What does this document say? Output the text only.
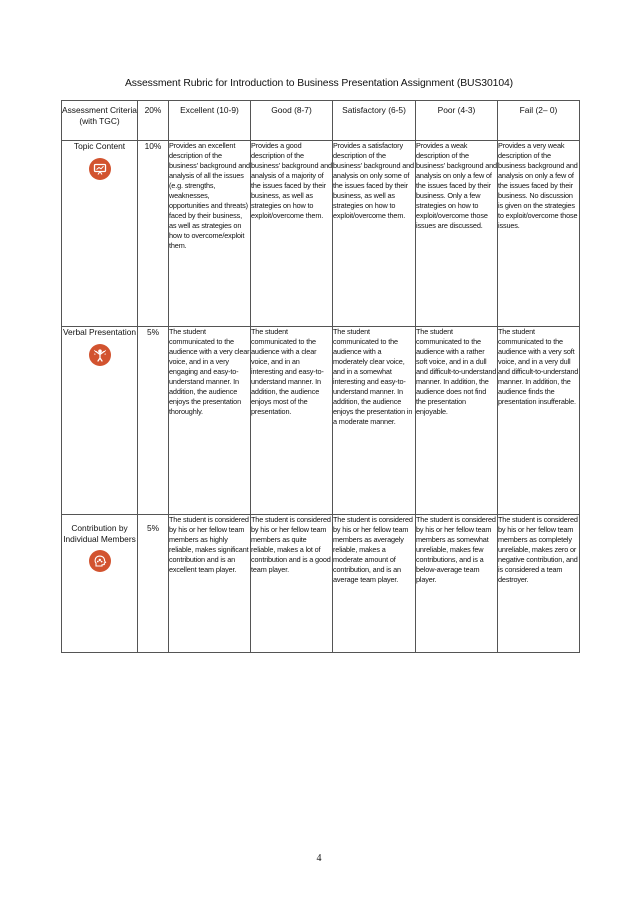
Assessment Rubric for Introduction to Business Presentation Assignment (BUS30104)
Assessment Criteria (with TGC)	20%	Excellent (10-9)	Good (8-7)	Satisfactory (6-5)	Poor (4-3)	Fail (2– 0)

Topic Content	10%	Provides an excellent description of the business' background and analysis of all the issues (e.g. strengths, weaknesses, opportunities and threats) faced by their business, as well as strategies on how to overcome/exploit them.	Provides a good description of the business' background and analysis of a majority of the issues faced by their business, as well as strategies on how to exploit/overcome them.	Provides a satisfactory description of the business' background and analysis on only some of the issues faced by their business, as well as strategies on how to exploit/overcome them.	Provides a weak description of the business' background and analysis on only a few of the issues faced by their business. Only a few strategies on how to exploit/overcome those issues are discussed.	Provides a very weak description of the business background and analysis on only a few of the issues faced by their business. No discussion is given on the strategies to exploit/overcome those issues.

Verbal Presentation	5%	The student communicated to the audience with a very clear voice, and in a very engaging and easy-to-understand manner. In addition, the audience enjoys the presentation thoroughly.	The student communicated to the audience with a clear voice, and in an interesting and easy-to-understand manner. In addition, the audience enjoys most of the presentation.	The student communicated to the audience with a moderately clear voice, and in a somewhat interesting and easy-to-understand manner. In addition, the audience enjoys the presentation in a moderate manner.	The student communicated to the audience with a rather soft voice, and in a dull and difficult-to-understand manner. In addition, the audience does not find the presentation enjoyable.	The student communicated to the audience with a very soft voice, and in a very dull and difficult-to-understand manner. In addition, the audience finds the presentation insufferable.

Contribution by Individual Members	5%	The student is considered by his or her fellow team members as highly reliable, makes significant contribution and is an excellent team player.	The student is considered by his or her fellow team members as quite reliable, makes a lot of contribution and is a good team player.	The student is considered by his or her fellow team members as averagely reliable, makes a moderate amount of contribution, and is an average team player.	The student is considered by his or her fellow team members as somewhat unreliable, makes few contributions, and is a below-average team player.	The student is considered by his or her fellow team members as completely unreliable, makes zero or negative contribution, and is considered a team destroyer.
4
